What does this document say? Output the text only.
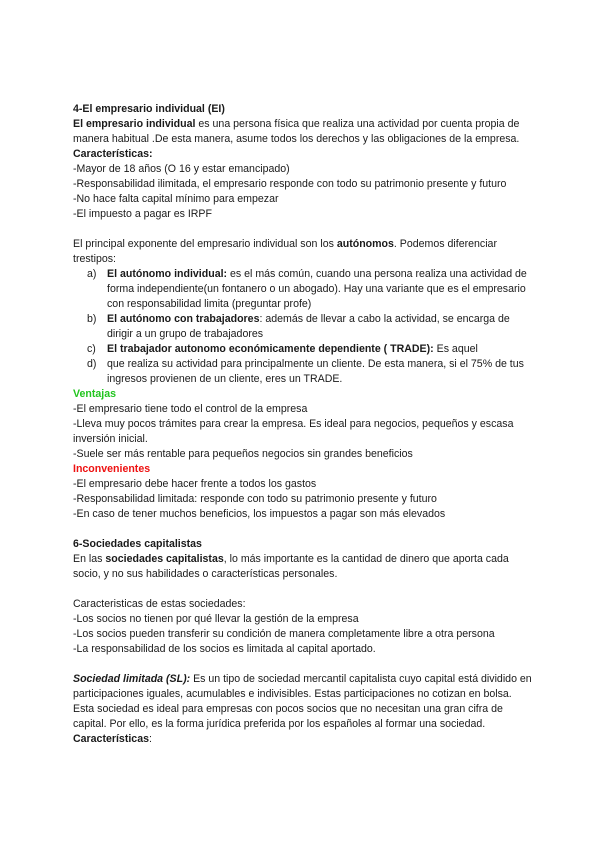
4-El empresario individual (EI)

El empresario individual es una persona física que realiza una actividad por cuenta propia de manera habitual .De esta manera, asume todos los derechos y las obligaciones de la empresa.

Características:

-Mayor de 18 años (O 16 y estar emancipado)

-Responsabilidad ilimitada, el empresario responde con todo su patrimonio presente y futuro

-No hace falta capital mínimo para empezar

-El impuesto a pagar es IRPF

El principal exponente del empresario individual son los autónomos. Podemos diferenciar trestipos:

a) El autónomo individual: es el más común, cuando una persona realiza una actividad de forma independiente(un fontanero o un abogado). Hay una variante que es el empresario con responsabilidad limita (preguntar profe)
b) El autónomo con trabajadores: además de llevar a cabo la actividad, se encarga de dirigir a un grupo de trabajadores
c)	El trabajador autonomo económicamente dependiente ( TRADE): Es aquel
d) que realiza su actividad para principalmente un cliente. De esta manera, si el 75% de tus ingresos provienen de un cliente, eres un TRADE.

Ventajas

-El empresario tiene todo el control de la empresa

-Lleva muy pocos trámites para crear la empresa. Es ideal para negocios, pequeños y escasa inversión inicial.

-Suele ser más rentable para pequeños negocios sin grandes beneficios

Inconvenientes

-El empresario debe hacer frente a todos los gastos

-Responsabilidad limitada: responde con todo su patrimonio presente y futuro

-En caso de tener muchos beneficios, los impuestos a pagar son más elevados

6-Sociedades capitalistas

En las sociedades capitalistas, lo más importante es la cantidad de dinero que aporta cada socio, y no sus habilidades o características personales.

Caracteristicas de estas sociedades:

-Los socios no tienen por qué llevar la gestión de la empresa

-Los socios pueden transferir su condición de manera completamente libre a otra persona

-La responsabilidad de los socios es limitada al capital aportado.

Sociedad limitada (SL): Es un tipo de sociedad mercantil capitalista cuyo capital está dividido en participaciones iguales, acumulables e indivisibles. Estas participaciones no cotizan en bolsa.

Esta sociedad es ideal para empresas con pocos socios que no necesitan una gran cifra de capital. Por ello, es la forma jurídica preferida por los españoles al formar una sociedad.

Características:
